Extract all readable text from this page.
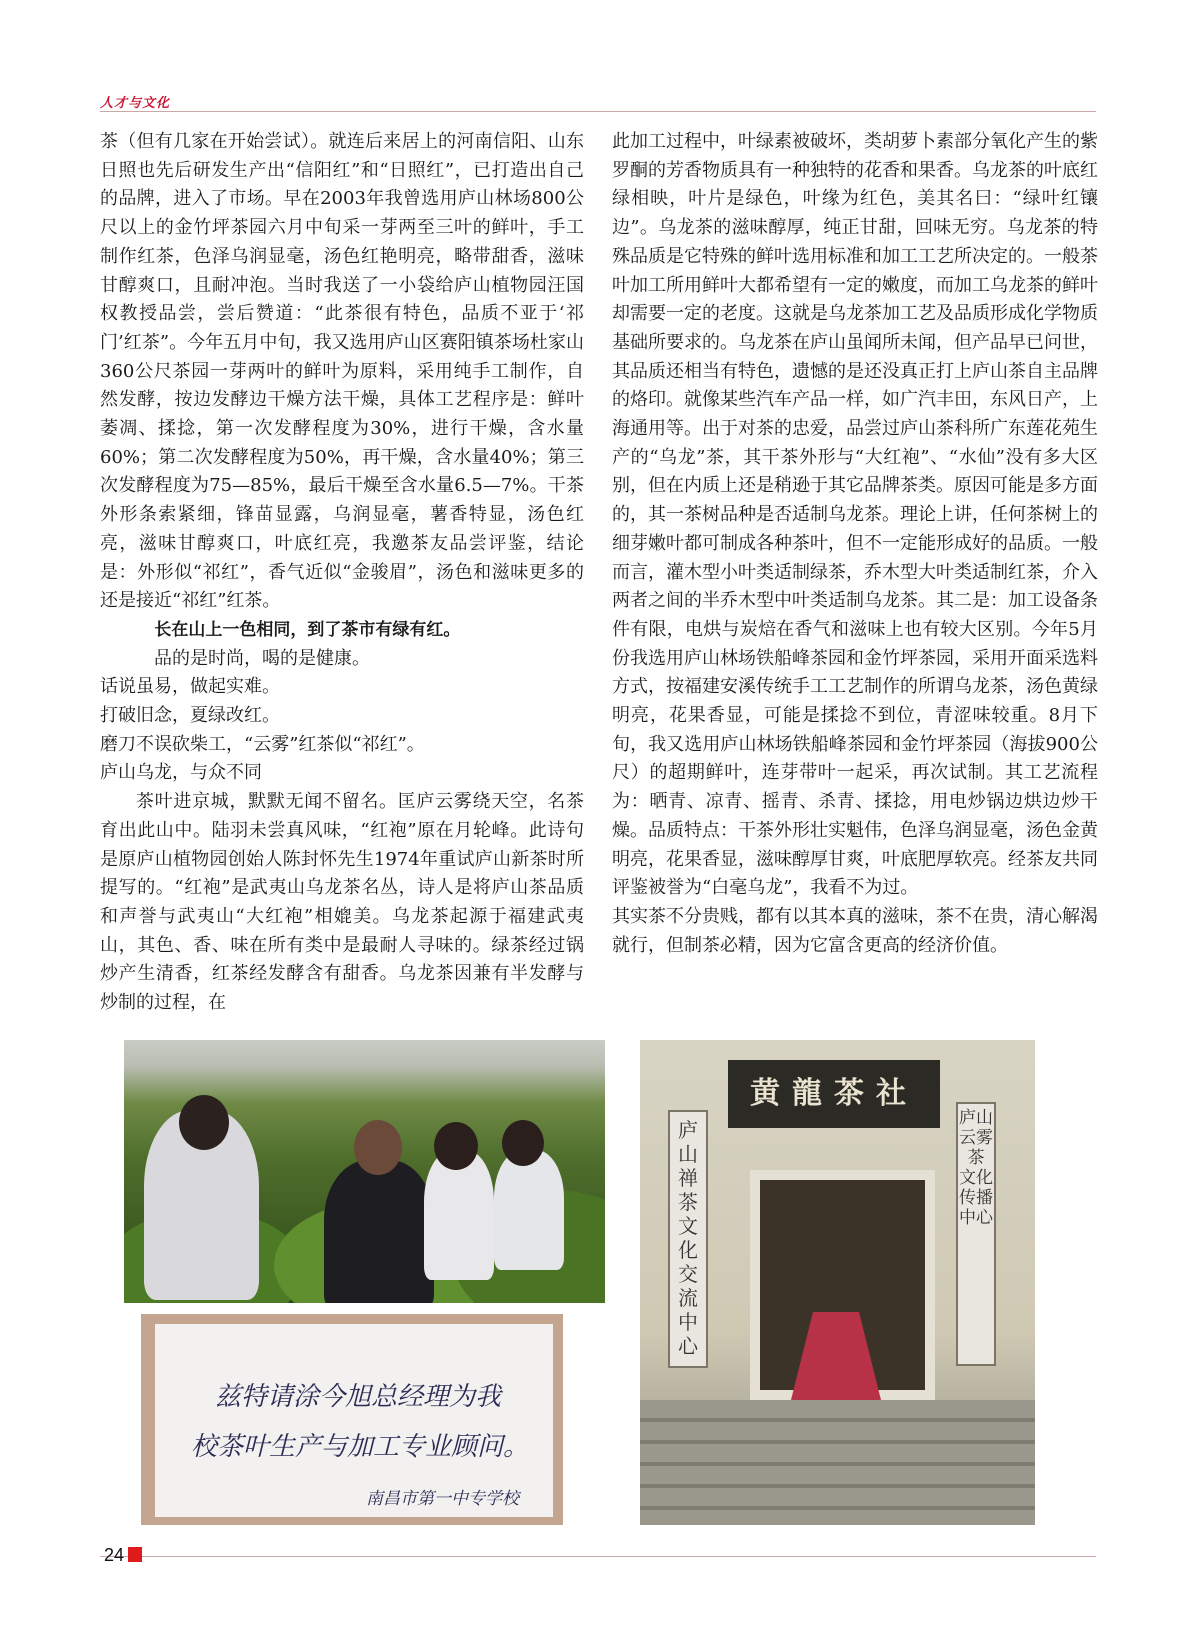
人才与文化

茶（但有几家在开始尝试）。就连后来居上的河南信阳、山东日照也先后研发生产出“信阳红”和“日照红”，已打造出自己的品牌，进入了市场。早在2003年我曾选用庐山林场800公尺以上的金竹坪茶园六月中旬采一芽两至三叶的鲜叶，手工制作红茶，色泽乌润显毫，汤色红艳明亮，略带甜香，滋味甘醇爽口，且耐冲泡。当时我送了一小袋给庐山植物园汪国权教授品尝，尝后赞道：“此茶很有特色，品质不亚于‘祁门’红茶”。今年五月中旬，我又选用庐山区赛阳镇茶场杜家山360公尺茶园一芽两叶的鲜叶为原料，采用纯手工制作，自然发酵，按边发酵边干燥方法干燥，具体工艺程序是：鲜叶萎凋、揉捻，第一次发酵程度为30%，进行干燥，含水量60%；第二次发酵程度为50%，再干燥，含水量40%；第三次发酵程度为75—85%，最后干燥至含水量6.5—7%。干茶外形条索紧细，锋苗显露，乌润显毫，薯香特显，汤色红亮，滋味甘醇爽口，叶底红亮，我邀茶友品尝评鉴，结论是：外形似“祁红”，香气近似“金骏眉”，汤色和滋味更多的还是接近“祁红”红茶。

长在山上一色相同，到了茶市有绿有红。

品的是时尚，喝的是健康。

话说虽易，做起实难。

打破旧念，夏绿改红。

磨刀不误砍柴工，“云雾”红茶似“祁红”。

庐山乌龙，与众不同

茶叶进京城，默默无闻不留名。匡庐云雾绕天空，名茶育出此山中。陆羽未尝真风味，“红袍”原在月轮峰。此诗句是原庐山植物园创始人陈封怀先生1974年重试庐山新茶时所提写的。“红袍”是武夷山乌龙茶名丛，诗人是将庐山茶品质和声誉与武夷山“大红袍”相媲美。乌龙茶起源于福建武夷山，其色、香、味在所有类中是最耐人寻味的。绿茶经过锅炒产生清香，红茶经发酵含有甜香。乌龙茶因兼有半发酵与炒制的过程，在

此加工过程中，叶绿素被破坏，类胡萝卜素部分氧化产生的紫罗酮的芳香物质具有一种独特的花香和果香。乌龙茶的叶底红绿相映，叶片是绿色，叶缘为红色，美其名曰：“绿叶红镶边”。乌龙茶的滋味醇厚，纯正甘甜，回味无穷。乌龙茶的特殊品质是它特殊的鲜叶选用标准和加工工艺所决定的。一般茶叶加工所用鲜叶大都希望有一定的嫩度，而加工乌龙茶的鲜叶却需要一定的老度。这就是乌龙茶加工艺及品质形成化学物质基础所要求的。乌龙茶在庐山虽闻所未闻，但产品早已问世，其品质还相当有特色，遗憾的是还没真正打上庐山茶自主品牌的烙印。就像某些汽车产品一样，如广汽丰田，东风日产，上海通用等。出于对茶的忠爱，品尝过庐山茶科所广东莲花苑生产的“乌龙”茶，其干茶外形与“大红袍”、“水仙”没有多大区别，但在内质上还是稍逊于其它品牌茶类。原因可能是多方面的，其一茶树品种是否适制乌龙茶。理论上讲，任何茶树上的细芽嫩叶都可制成各种茶叶，但不一定能形成好的品质。一般而言，灌木型小叶类适制绿茶，乔木型大叶类适制红茶，介入两者之间的半乔木型中叶类适制乌龙茶。其二是：加工设备条件有限，电烘与炭焙在香气和滋味上也有较大区别。今年5月份我选用庐山林场铁船峰茶园和金竹坪茶园，采用开面采选料方式，按福建安溪传统手工工艺制作的所谓乌龙茶，汤色黄绿明亮，花果香显，可能是揉捻不到位，青涩味较重。8月下旬，我又选用庐山林场铁船峰茶园和金竹坪茶园（海拔900公尺）的超期鲜叶，连芽带叶一起采，再次试制。其工艺流程为：晒青、凉青、摇青、杀青、揉捻，用电炒锅边烘边炒干燥。品质特点：干茶外形壮实魁伟，色泽乌润显毫，汤色金黄明亮，花果香显，滋味醇厚甘爽，叶底肥厚软亮。经茶友共同评鉴被誉为“白毫乌龙”，我看不为过。

其实茶不分贵贱，都有以其本真的滋味，茶不在贵，清心解渴就行，但制茶必精，因为它富含更高的经济价值。

兹特请涂今旭总经理为我
校茶叶生产与加工专业顾问。
南昌市第一中专学校
黄龍茶社
庐山禅茶文化交流中心
庐山云雾茶 文化传播中心
24
